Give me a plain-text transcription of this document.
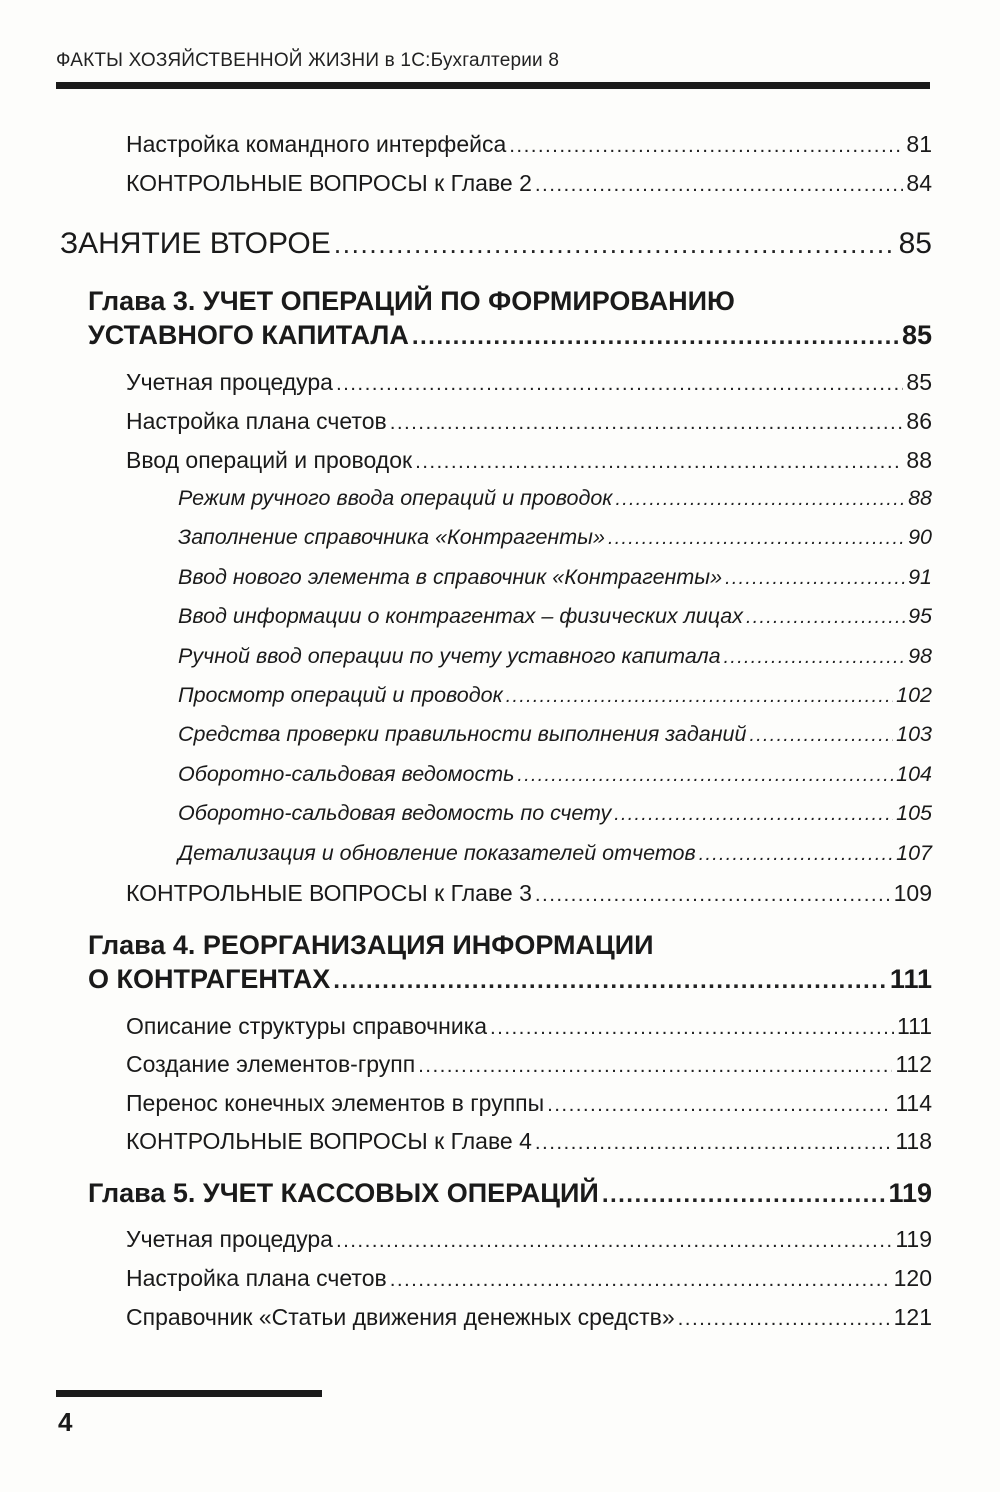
ФАКТЫ ХОЗЯЙСТВЕННОЙ ЖИЗНИ в 1С:Бухгалтерии 8
Настройка командного интерфейса .....	81
КОНТРОЛЬНЫЕ ВОПРОСЫ к Главе 2 .....	84
ЗАНЯТИЕ ВТОРОЕ .....	85
Глава 3. УЧЕТ ОПЕРАЦИЙ ПО ФОРМИРОВАНИЮ
УСТАВНОГО КАПИТАЛА .....	85
Учетная процедура .....	85
Настройка плана счетов .....	86
Ввод операций и проводок .....	88
Режим ручного ввода операций и проводок .....	88
Заполнение справочника «Контрагенты» .....	90
Ввод нового элемента в справочник «Контрагенты» .....	91
Ввод информации о контрагентах – физических лицах .....	95
Ручной ввод операции по учету уставного капитала .....	98
Просмотр операций и проводок .....	102
Средства проверки правильности выполнения заданий .....	103
Оборотно-сальдовая ведомость .....	104
Оборотно-сальдовая ведомость по счету .....	105
Детализация и обновление показателей отчетов .....	107
КОНТРОЛЬНЫЕ ВОПРОСЫ к Главе 3 .....	109
Глава 4. РЕОРГАНИЗАЦИЯ ИНФОРМАЦИИ
О КОНТРАГЕНТАХ .....	111
Описание структуры справочника .....	111
Создание элементов-групп .....	112
Перенос конечных элементов в группы .....	114
КОНТРОЛЬНЫЕ ВОПРОСЫ к Главе 4 .....	118
Глава 5. УЧЕТ КАССОВЫХ ОПЕРАЦИЙ .....	119
Учетная процедура .....	119
Настройка плана счетов .....	120
Справочник «Статьи движения денежных средств» .....	121
4
